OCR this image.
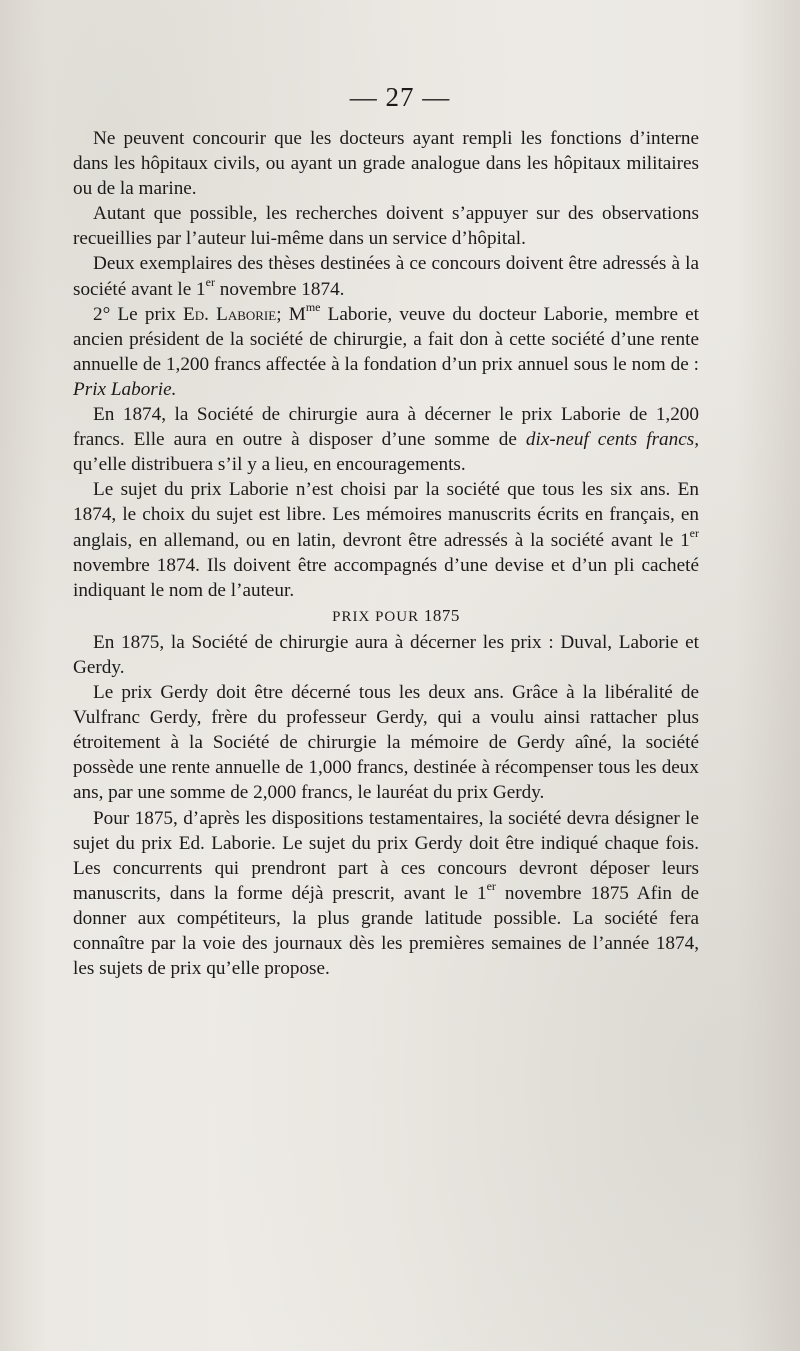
— 27 —

Ne peuvent concourir que les docteurs ayant rempli les fonctions d’interne dans les hôpitaux civils, ou ayant un grade analogue dans les hôpitaux militaires ou de la marine.

Autant que possible, les recherches doivent s’appuyer sur des observations recueillies par l’auteur lui-même dans un service d’hôpital.

Deux exemplaires des thèses destinées à ce concours doivent être adressés à la société avant le 1er novembre 1874.

2° Le prix Ed. Laborie; $M^{me}$ Laborie, veuve du docteur Laborie, membre et ancien président de la société de chirurgie, a fait don à cette société d’une rente annuelle de 1,200 francs affectée à la fondation d’un prix annuel sous le nom de : Prix Laborie.

En 1874, la Société de chirurgie aura à décerner le prix Laborie de 1,200 francs. Elle aura en outre à disposer d’une somme de dix-neuf cents francs, qu’elle distribuera s’il y a lieu, en encouragements.

Le sujet du prix Laborie n’est choisi par la société que tous les six ans. En 1874, le choix du sujet est libre. Les mémoires manuscrits écrits en français, en anglais, en allemand, ou en latin, devront être adressés à la société avant le 1er novembre 1874. Ils doivent être accompagnés d’une devise et d’un pli cacheté indiquant le nom de l’auteur.

PRIX POUR 1875

En 1875, la Société de chirurgie aura à décerner les prix : Duval, Laborie et Gerdy.

Le prix Gerdy doit être décerné tous les deux ans. Grâce à la libéralité de Vulfranc Gerdy, frère du professeur Gerdy, qui a voulu ainsi rattacher plus étroitement à la Société de chirurgie la mémoire de Gerdy aîné, la société possède une rente annuelle de 1,000 francs, destinée à récompenser tous les deux ans, par une somme de 2,000 francs, le lauréat du prix Gerdy.

Pour 1875, d’après les dispositions testamentaires, la société devra désigner le sujet du prix Ed. Laborie. Le sujet du prix Gerdy doit être indiqué chaque fois. Les concurrents qui prendront part à ces concours devront déposer leurs manuscrits, dans la forme déjà prescrit, avant le 1er novembre 1875 Afin de donner aux compétiteurs, la plus grande latitude possible. La société fera connaître par la voie des journaux dès les premières semaines de l’année 1874, les sujets de prix qu’elle propose.
